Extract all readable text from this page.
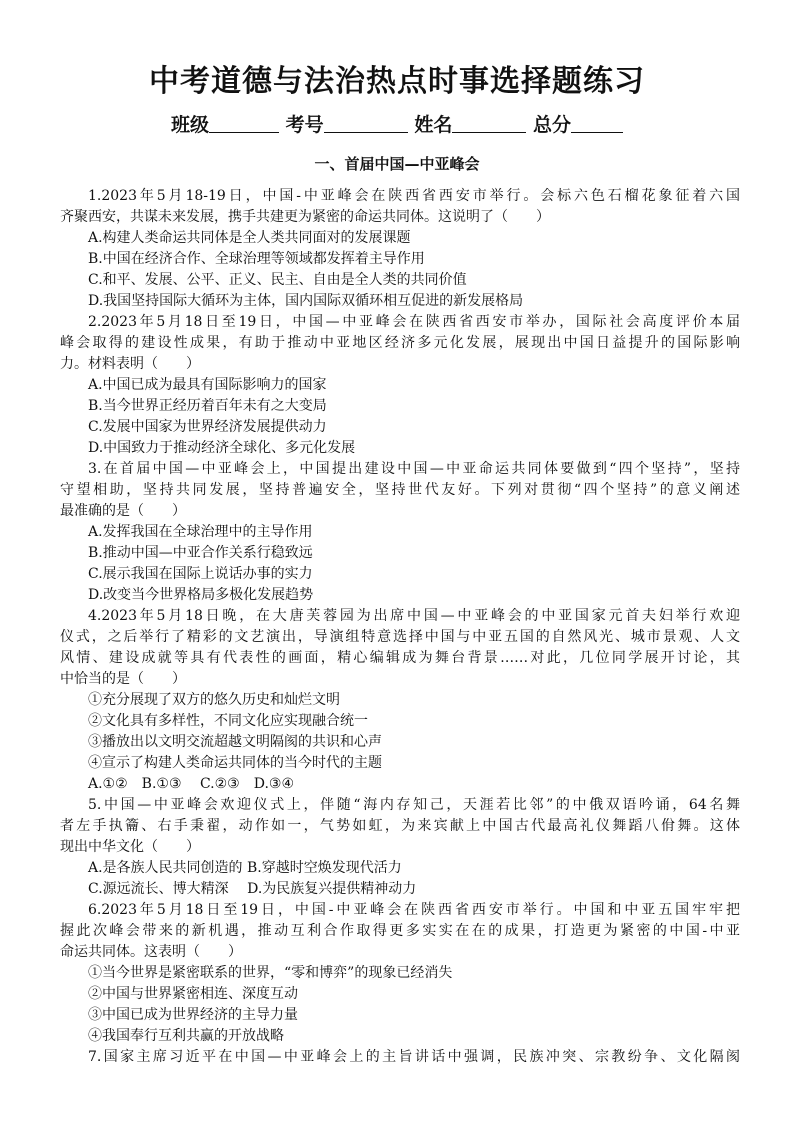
中考道德与法治热点时事选择题练习
班级	考号	姓名	总分
一、首届中国—中亚峰会
1.2023年5月18-19日，中国-中亚峰会在陕西省西安市举行。会标六色石榴花象征着六国
齐聚西安，共谋未来发展，携手共建更为紧密的命运共同体。这说明了（　　）
A.构建人类命运共同体是全人类共同面对的发展课题
B.中国在经济合作、全球治理等领域都发挥着主导作用
C.和平、发展、公平、正义、民主、自由是全人类的共同价值
D.我国坚持国际大循环为主体，国内国际双循环相互促进的新发展格局
2.2023年5月18日至19日，中国—中亚峰会在陕西省西安市举办，国际社会高度评价本届
峰会取得的建设性成果，有助于推动中亚地区经济多元化发展，展现出中国日益提升的国际影响
力。材料表明（　　）
A.中国已成为最具有国际影响力的国家
B.当今世界正经历着百年未有之大变局
C.发展中国家为世界经济发展提供动力
D.中国致力于推动经济全球化、多元化发展
3.在首届中国—中亚峰会上，中国提出建设中国—中亚命运共同体要做到“四个坚持”，坚持
守望相助，坚持共同发展，坚持普遍安全，坚持世代友好。下列对贯彻“四个坚持”的意义阐述
最准确的是（　　）
A.发挥我国在全球治理中的主导作用
B.推动中国—中亚合作关系行稳致远
C.展示我国在国际上说话办事的实力
D.改变当今世界格局多极化发展趋势
4.2023年5月18日晚，在大唐芙蓉园为出席中国—中亚峰会的中亚国家元首夫妇举行欢迎
仪式，之后举行了精彩的文艺演出，导演组特意选择中国与中亚五国的自然风光、城市景观、人文
风情、建设成就等具有代表性的画面，精心编辑成为舞台背景……对此，几位同学展开讨论，其
中恰当的是（　　）
①充分展现了双方的悠久历史和灿烂文明
②文化具有多样性，不同文化应实现融合统一
③播放出以文明交流超越文明隔阂的共识和心声
④宣示了构建人类命运共同体的当今时代的主题
A.①②　B.①③　 C.②③　D.③④
5.中国—中亚峰会欢迎仪式上，伴随“海内存知己，天涯若比邻”的中俄双语吟诵，64名舞
者左手执籥、右手秉翟，动作如一，气势如虹，为来宾献上中国古代最高礼仪舞蹈八佾舞。这体
现出中华文化（　　）
A.是各族人民共同创造的 B.穿越时空焕发现代活力
C.源远流长、博大精深　 D.为民族复兴提供精神动力
6.2023年5月18日至19日，中国-中亚峰会在陕西省西安市举行。中国和中亚五国牢牢把
握此次峰会带来的新机遇，推动互利合作取得更多实实在在的成果，打造更为紧密的中国-中亚
命运共同体。这表明（　　）
①当今世界是紧密联系的世界，“零和博弈”的现象已经消失
②中国与世界紧密相连、深度互动
③中国已成为世界经济的主导力量
④我国奉行互利共赢的开放战略
7.国家主席习近平在中国—中亚峰会上的主旨讲话中强调，民族冲突、宗教纷争、文化隔阂
